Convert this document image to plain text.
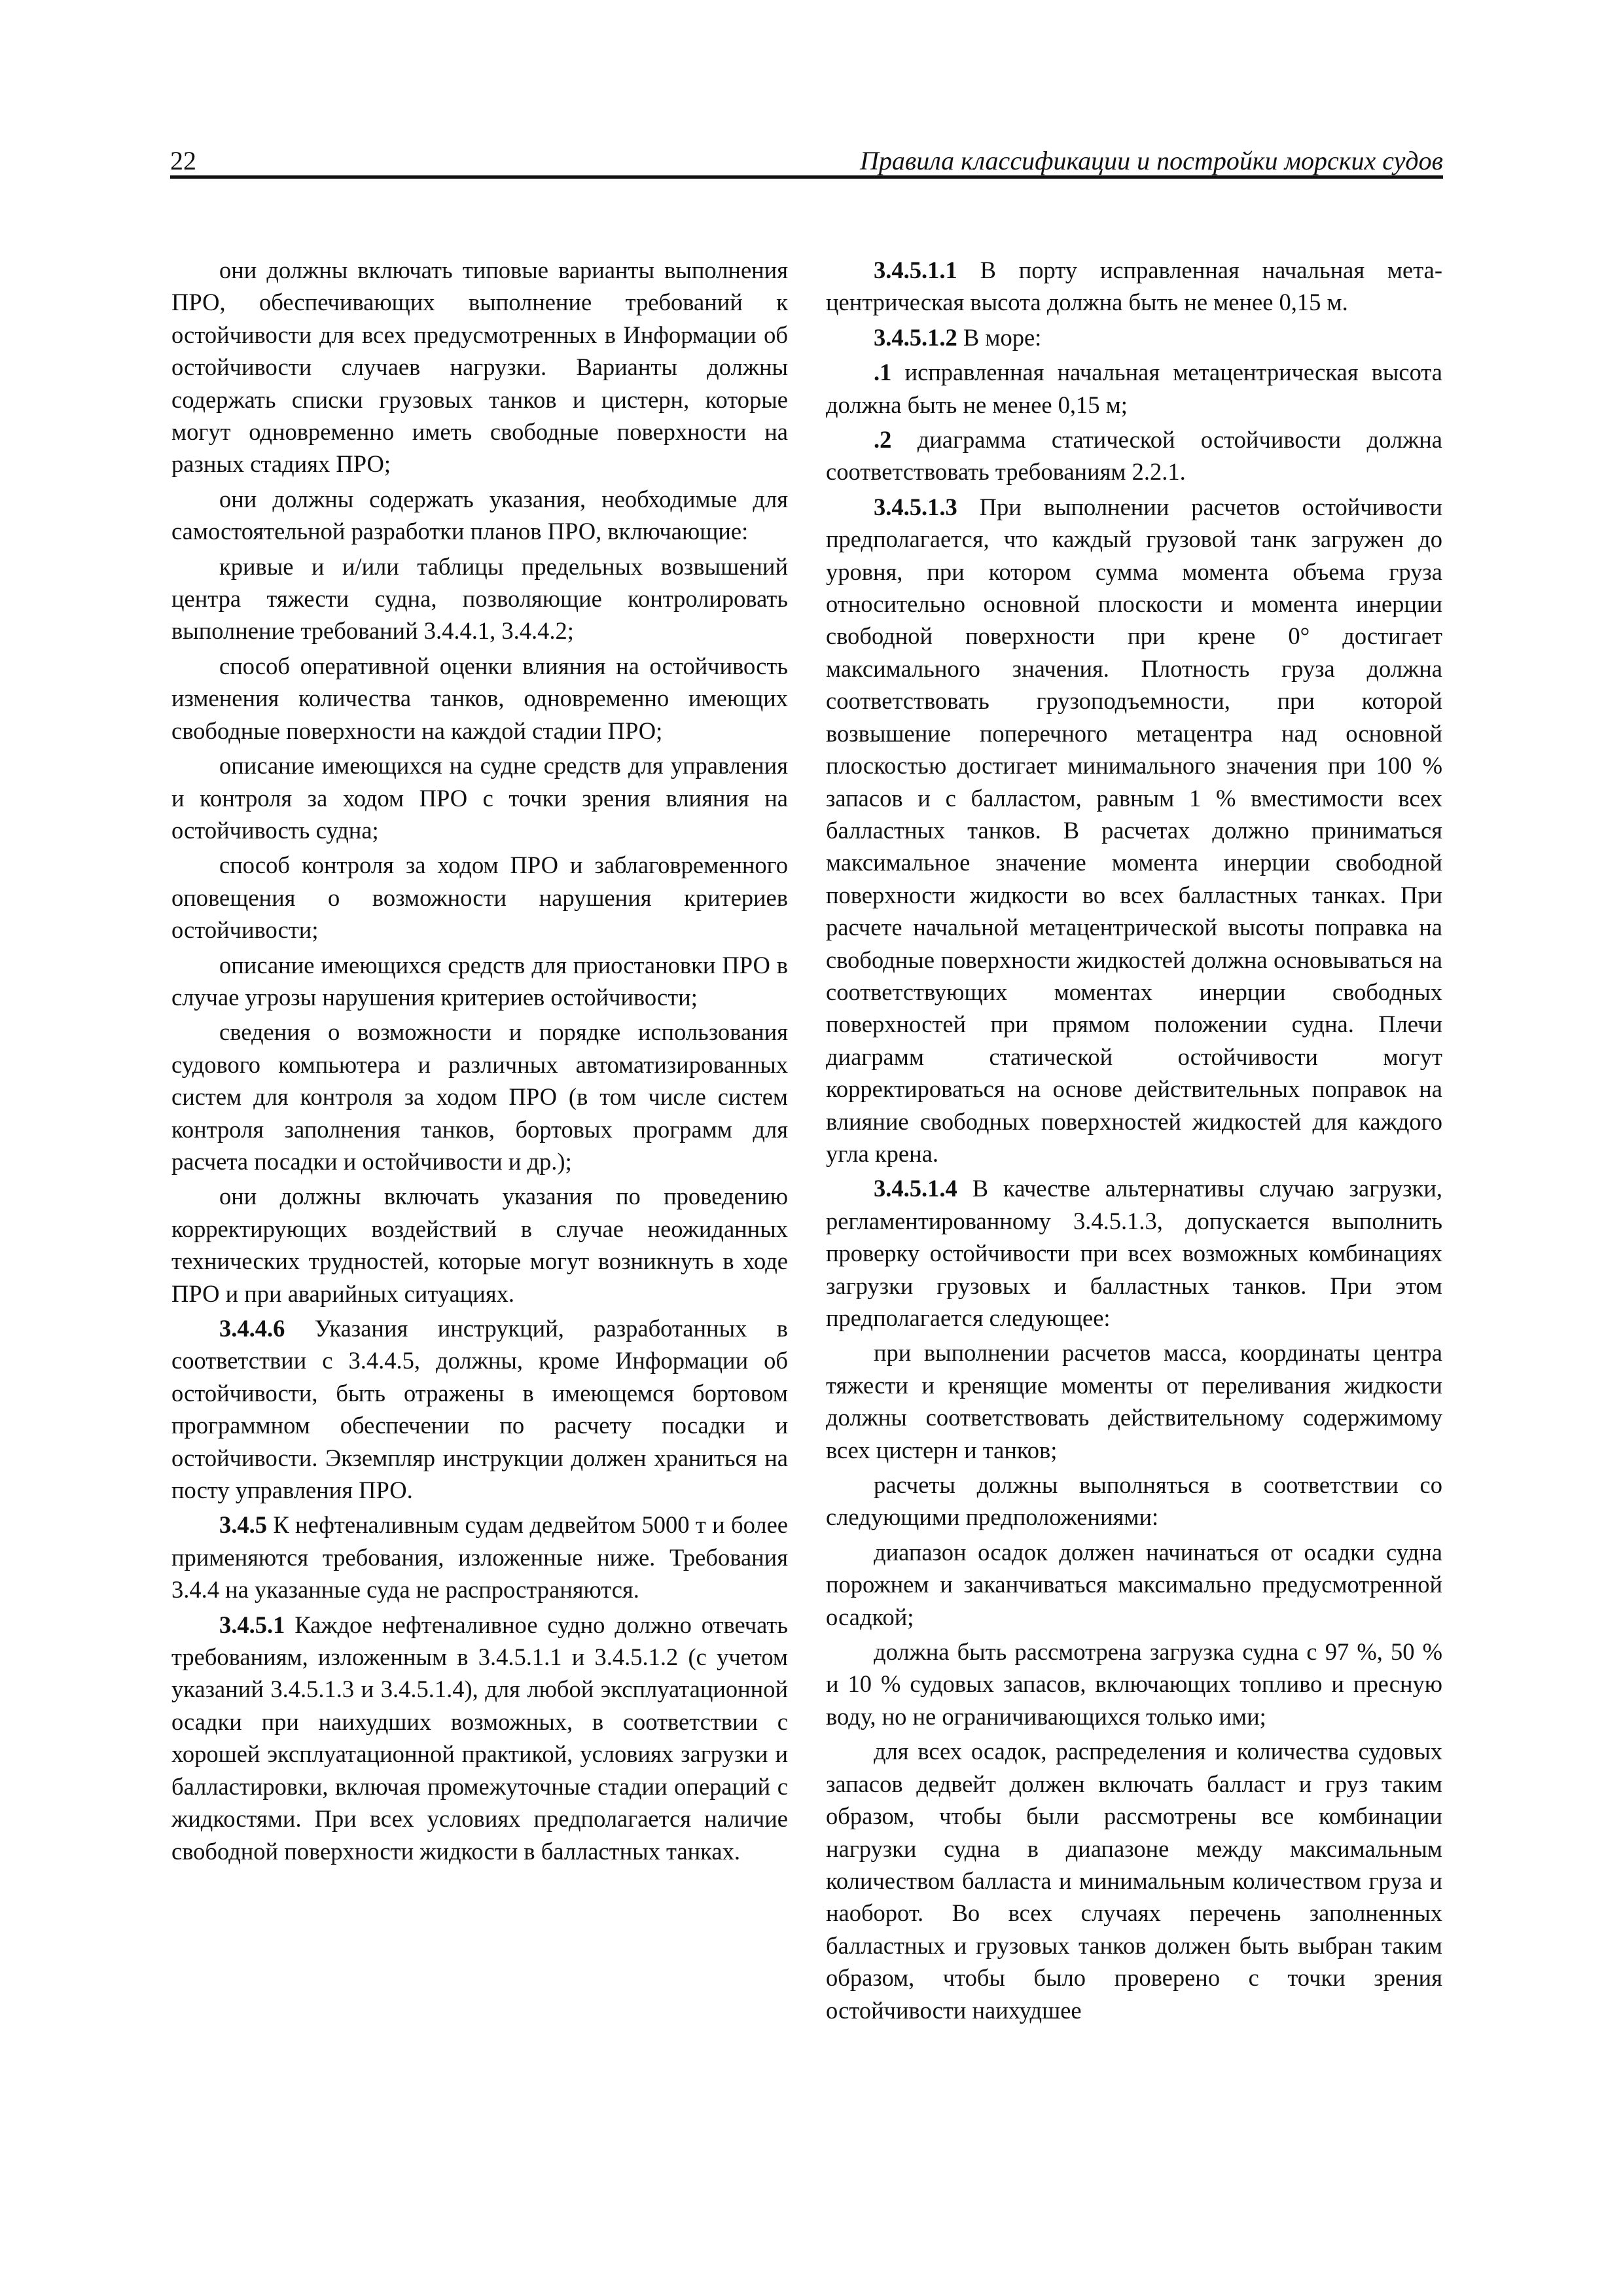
22	Правила классификации и постройки морских судов

они должны включать типовые варианты выполнения ПРО, обеспечивающих выполнение требований к остойчивости для всех предусмотренных в Информации об остойчивости случаев нагрузки. Варианты должны содержать списки грузовых танков и цистерн, которые могут одновременно иметь свободные поверхности на разных стадиях ПРО;

они должны содержать указания, необходимые для самостоятельной разработки планов ПРО, включающие:

кривые и и/или таблицы предельных возвышений центра тяжести судна, позволяющие контролировать выполнение требований 3.4.4.1, 3.4.4.2;

способ оперативной оценки влияния на остойчивость изменения количества танков, одновременно имеющих свободные поверхности на каждой стадии ПРО;

описание имеющихся на судне средств для управления и контроля за ходом ПРО с точки зрения влияния на остойчивость судна;

способ контроля за ходом ПРО и заблаговременного оповещения о возможности нарушения критериев остойчивости;

описание имеющихся средств для приостановки ПРО в случае угрозы нарушения критериев остойчивости;

сведения о возможности и порядке использования судового компьютера и различных автоматизированных систем для контроля за ходом ПРО (в том числе систем контроля заполнения танков, бортовых программ для расчета посадки и остойчивости и др.);

они должны включать указания по проведению корректирующих воздействий в случае неожиданных технических трудностей, которые могут возникнуть в ходе ПРО и при аварийных ситуациях.

3.4.4.6 Указания инструкций, разработанных в соответствии с 3.4.4.5, должны, кроме Информации об остойчивости, быть отражены в имеющемся бортовом программном обеспечении по расчету посадки и остойчивости. Экземпляр инструкции должен храниться на посту управления ПРО.

3.4.5 К нефтеналивным судам дедвейтом 5000 т и более применяются требования, изложенные ниже. Требования 3.4.4 на указанные суда не распространяются.

3.4.5.1 Каждое нефтеналивное судно должно отвечать требованиям, изложенным в 3.4.5.1.1 и 3.4.5.1.2 (с учетом указаний 3.4.5.1.3 и 3.4.5.1.4), для любой эксплуатационной осадки при наихудших возможных, в соответствии с хорошей эксплуатационной практикой, условиях загрузки и балластировки, включая промежуточные стадии операций с жидкостями. При всех условиях предполагается наличие свободной поверхности жидкости в балластных танках.

3.4.5.1.1 В порту исправленная начальная метацентрическая высота должна быть не менее 0,15 м.

3.4.5.1.2 В море:

.1 исправленная начальная метацентрическая высота должна быть не менее 0,15 м;

.2 диаграмма статической остойчивости должна соответствовать требованиям 2.2.1.

3.4.5.1.3 При выполнении расчетов остойчивости предполагается, что каждый грузовой танк загружен до уровня, при котором сумма момента объема груза относительно основной плоскости и момента инерции свободной поверхности при крене 0° достигает максимального значения. Плотность груза должна соответствовать грузоподъемности, при которой возвышение поперечного метацентра над основной плоскостью достигает минимального значения при 100 % запасов и с балластом, равным 1 % вместимости всех балластных танков. В расчетах должно приниматься максимальное значение момента инерции свободной поверхности жидкости во всех балластных танках. При расчете начальной метацентрической высоты поправка на свободные поверхности жидкостей должна основываться на соответствующих моментах инерции свободных поверхностей при прямом положении судна. Плечи диаграмм статической остойчивости могут корректироваться на основе действительных поправок на влияние свободных поверхностей жидкостей для каждого угла крена.

3.4.5.1.4 В качестве альтернативы случаю загрузки, регламентированному 3.4.5.1.3, допускается выполнить проверку остойчивости при всех возможных комбинациях загрузки грузовых и балластных танков. При этом предполагается следующее:

при выполнении расчетов масса, координаты центра тяжести и кренящие моменты от переливания жидкости должны соответствовать действительному содержимому всех цистерн и танков;

расчеты должны выполняться в соответствии со следующими предположениями:

диапазон осадок должен начинаться от осадки судна порожнем и заканчиваться максимально предусмотренной осадкой;

должна быть рассмотрена загрузка судна с 97 %, 50 % и 10 % судовых запасов, включающих топливо и пресную воду, но не ограничивающихся только ими;

для всех осадок, распределения и количества судовых запасов дедвейт должен включать балласт и груз таким образом, чтобы были рассмотрены все комбинации нагрузки судна в диапазоне между максимальным количеством балласта и минимальным количеством груза и наоборот. Во всех случаях перечень заполненных балластных и грузовых танков должен быть выбран таким образом, чтобы было проверено с точки зрения остойчивости наихудшее
